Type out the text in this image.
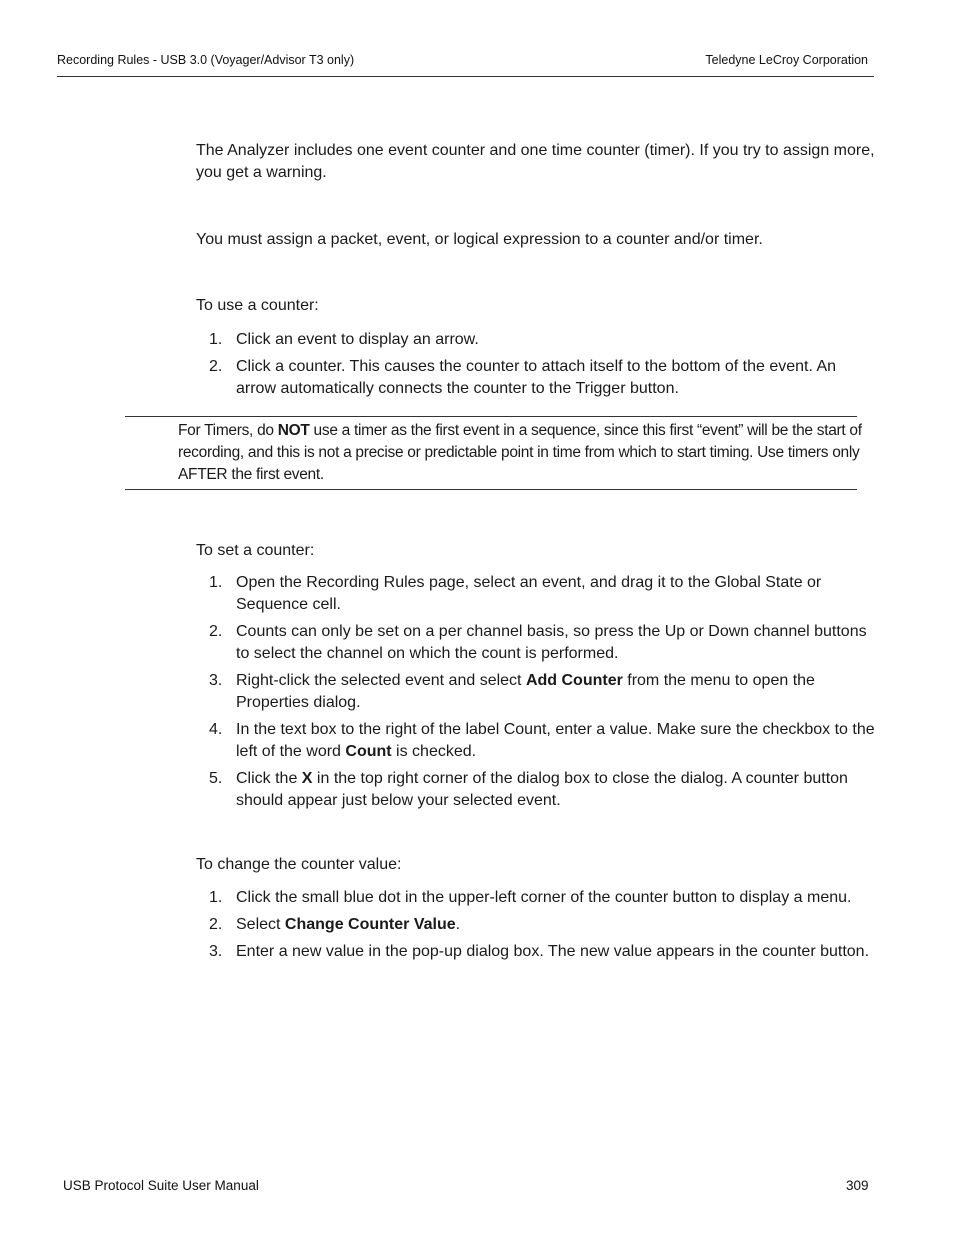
Recording Rules - USB 3.0 (Voyager/Advisor T3 only)	Teledyne LeCroy Corporation
The Analyzer includes one event counter and one time counter (timer). If you try to assign more, you get a warning.
You must assign a packet, event, or logical expression to a counter and/or timer.
To use a counter:
1. Click an event to display an arrow.
2. Click a counter. This causes the counter to attach itself to the bottom of the event. An arrow automatically connects the counter to the Trigger button.
For Timers, do NOT use a timer as the first event in a sequence, since this first “event” will be the start of recording, and this is not a precise or predictable point in time from which to start timing. Use timers only AFTER the first event.
To set a counter:
1. Open the Recording Rules page, select an event, and drag it to the Global State or Sequence cell.
2. Counts can only be set on a per channel basis, so press the Up or Down channel buttons to select the channel on which the count is performed.
3. Right-click the selected event and select Add Counter from the menu to open the Properties dialog.
4. In the text box to the right of the label Count, enter a value. Make sure the checkbox to the left of the word Count is checked.
5. Click the X in the top right corner of the dialog box to close the dialog. A counter button should appear just below your selected event.
To change the counter value:
1. Click the small blue dot in the upper-left corner of the counter button to display a menu.
2. Select Change Counter Value.
3. Enter a new value in the pop-up dialog box. The new value appears in the counter button.
USB Protocol Suite User Manual	309
